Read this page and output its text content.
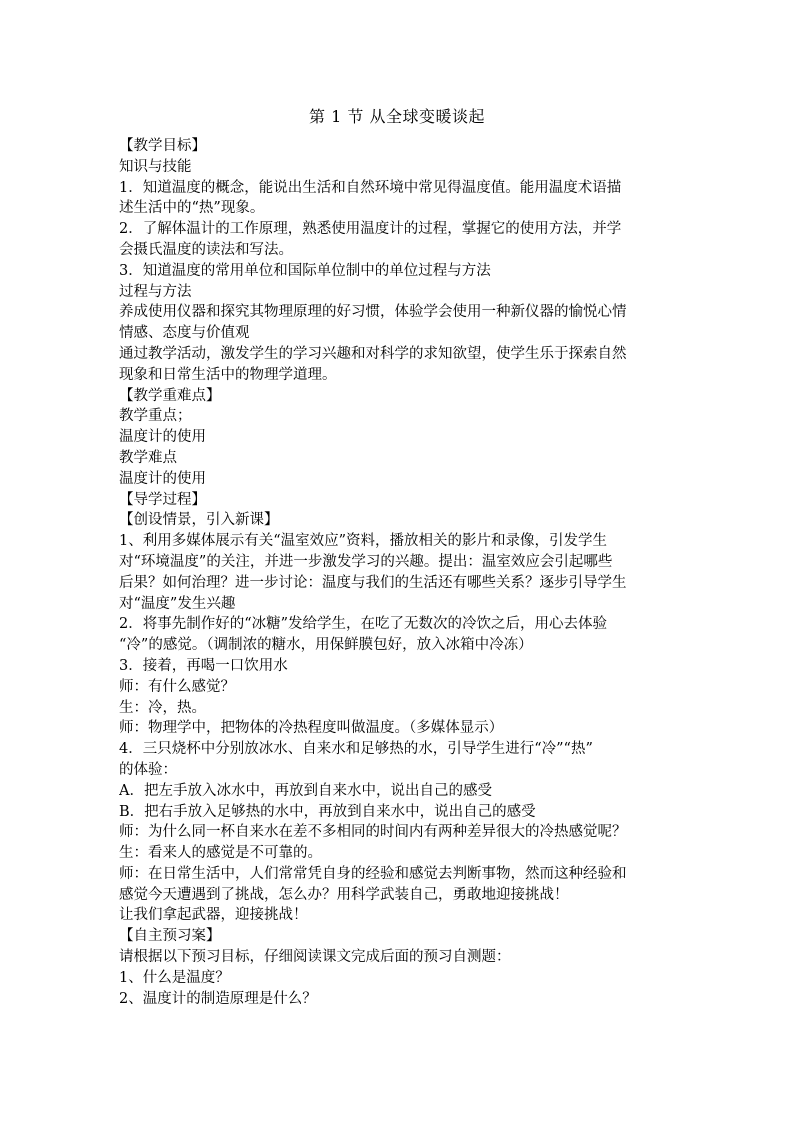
第 1 节 从全球变暖谈起
【教学目标】
知识与技能
1．知道温度的概念，能说出生活和自然环境中常见得温度值。能用温度术语描
述生活中的“热”现象。
2．了解体温计的工作原理，熟悉使用温度计的过程，掌握它的使用方法，并学
会摄氏温度的读法和写法。
3．知道温度的常用单位和国际单位制中的单位过程与方法
过程与方法
养成使用仪器和探究其物理原理的好习惯，体验学会使用一种新仪器的愉悦心情
情感、态度与价值观
通过教学活动，激发学生的学习兴趣和对科学的求知欲望，使学生乐于探索自然
现象和日常生活中的物理学道理。
【教学重难点】
教学重点；
温度计的使用
教学难点
温度计的使用
【导学过程】
【创设情景，引入新课】
1、利用多媒体展示有关“温室效应”资料，播放相关的影片和录像，引发学生
对“环境温度”的关注，并进一步激发学习的兴趣。提出：温室效应会引起哪些
后果？如何治理？进一步讨论：温度与我们的生活还有哪些关系？逐步引导学生
对“温度”发生兴趣
2．将事先制作好的“冰糖”发给学生，在吃了无数次的冷饮之后，用心去体验
“冷”的感觉。（调制浓的糖水，用保鲜膜包好，放入冰箱中冷冻）
3．接着，再喝一口饮用水
师：有什么感觉？
生：冷，热。
师：物理学中，把物体的冷热程度叫做温度。（多媒体显示）
4．三只烧杯中分别放冰水、自来水和足够热的水，引导学生进行“冷”“热”
的体验：
A．把左手放入冰水中，再放到自来水中，说出自己的感受
B．把右手放入足够热的水中，再放到自来水中，说出自己的感受
师：为什么同一杯自来水在差不多相同的时间内有两种差异很大的冷热感觉呢？
生：看来人的感觉是不可靠的。
师：在日常生活中，人们常常凭自身的经验和感觉去判断事物，然而这种经验和
感觉今天遭遇到了挑战，怎么办？用科学武装自己，勇敢地迎接挑战！
让我们拿起武器，迎接挑战！
【自主预习案】
请根据以下预习目标，仔细阅读课文完成后面的预习自测题：
1、什么是温度？
2、温度计的制造原理是什么？
